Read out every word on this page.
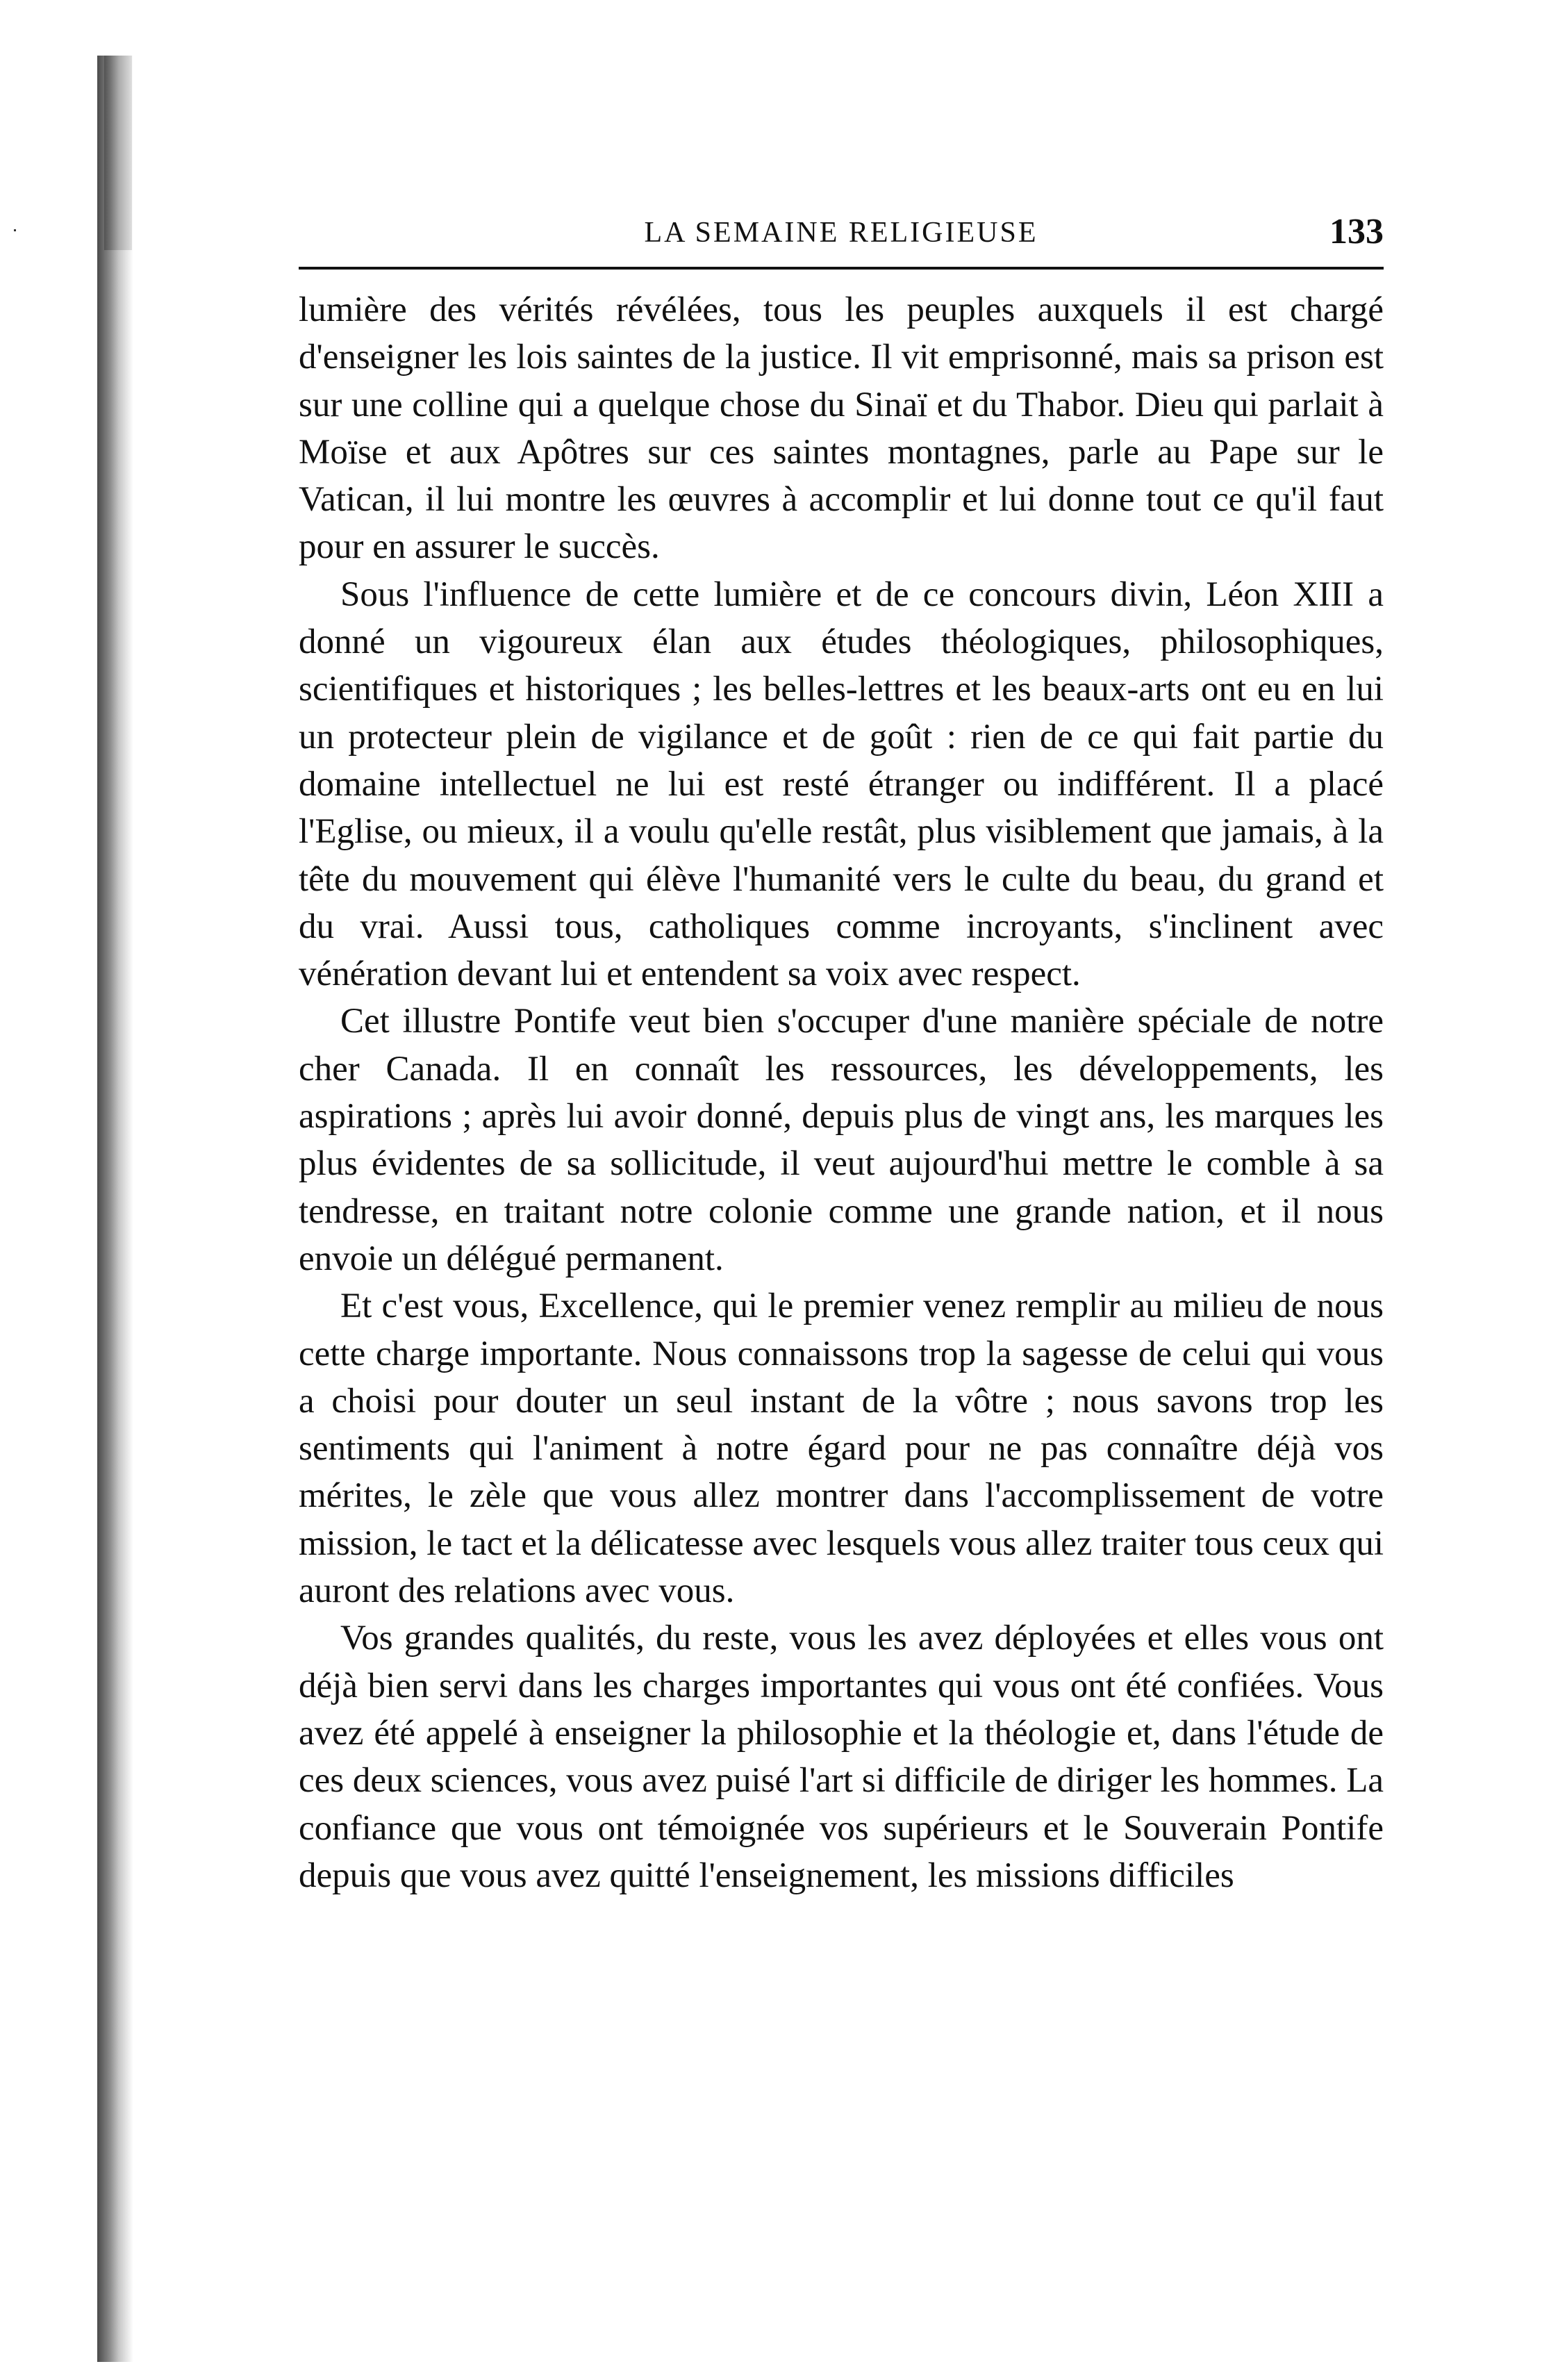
LA SEMAINE RELIGIEUSE	133

lumière des vérités révélées, tous les peuples auxquels il est chargé d'enseigner les lois saintes de la justice. Il vit emprisonné, mais sa prison est sur une colline qui a quelque chose du Sinaï et du Thabor. Dieu qui parlait à Moïse et aux Apôtres sur ces saintes montagnes, parle au Pape sur le Vatican, il lui montre les œuvres à accomplir et lui donne tout ce qu'il faut pour en assurer le succès.

Sous l'influence de cette lumière et de ce concours divin, Léon XIII a donné un vigoureux élan aux études théologiques, philosophiques, scientifiques et historiques ; les belles-lettres et les beaux-arts ont eu en lui un protecteur plein de vigilance et de goût : rien de ce qui fait partie du domaine intellectuel ne lui est resté étranger ou indifférent. Il a placé l'Eglise, ou mieux, il a voulu qu'elle restât, plus visiblement que jamais, à la tête du mouvement qui élève l'humanité vers le culte du beau, du grand et du vrai. Aussi tous, catholiques comme incroyants, s'inclinent avec vénération devant lui et entendent sa voix avec respect.

Cet illustre Pontife veut bien s'occuper d'une manière spéciale de notre cher Canada. Il en connaît les ressources, les développements, les aspirations ; après lui avoir donné, depuis plus de vingt ans, les marques les plus évidentes de sa sollicitude, il veut aujourd'hui mettre le comble à sa tendresse, en traitant notre colonie comme une grande nation, et il nous envoie un délégué permanent.

Et c'est vous, Excellence, qui le premier venez remplir au milieu de nous cette charge importante. Nous connaissons trop la sagesse de celui qui vous a choisi pour douter un seul instant de la vôtre ; nous savons trop les sentiments qui l'animent à notre égard pour ne pas connaître déjà vos mérites, le zèle que vous allez montrer dans l'accomplissement de votre mission, le tact et la délicatesse avec lesquels vous allez traiter tous ceux qui auront des relations avec vous.

Vos grandes qualités, du reste, vous les avez déployées et elles vous ont déjà bien servi dans les charges importantes qui vous ont été confiées. Vous avez été appelé à enseigner la philosophie et la théologie et, dans l'étude de ces deux sciences, vous avez puisé l'art si difficile de diriger les hommes. La confiance que vous ont témoignée vos supérieurs et le Souverain Pontife depuis que vous avez quitté l'enseignement, les missions difficiles
